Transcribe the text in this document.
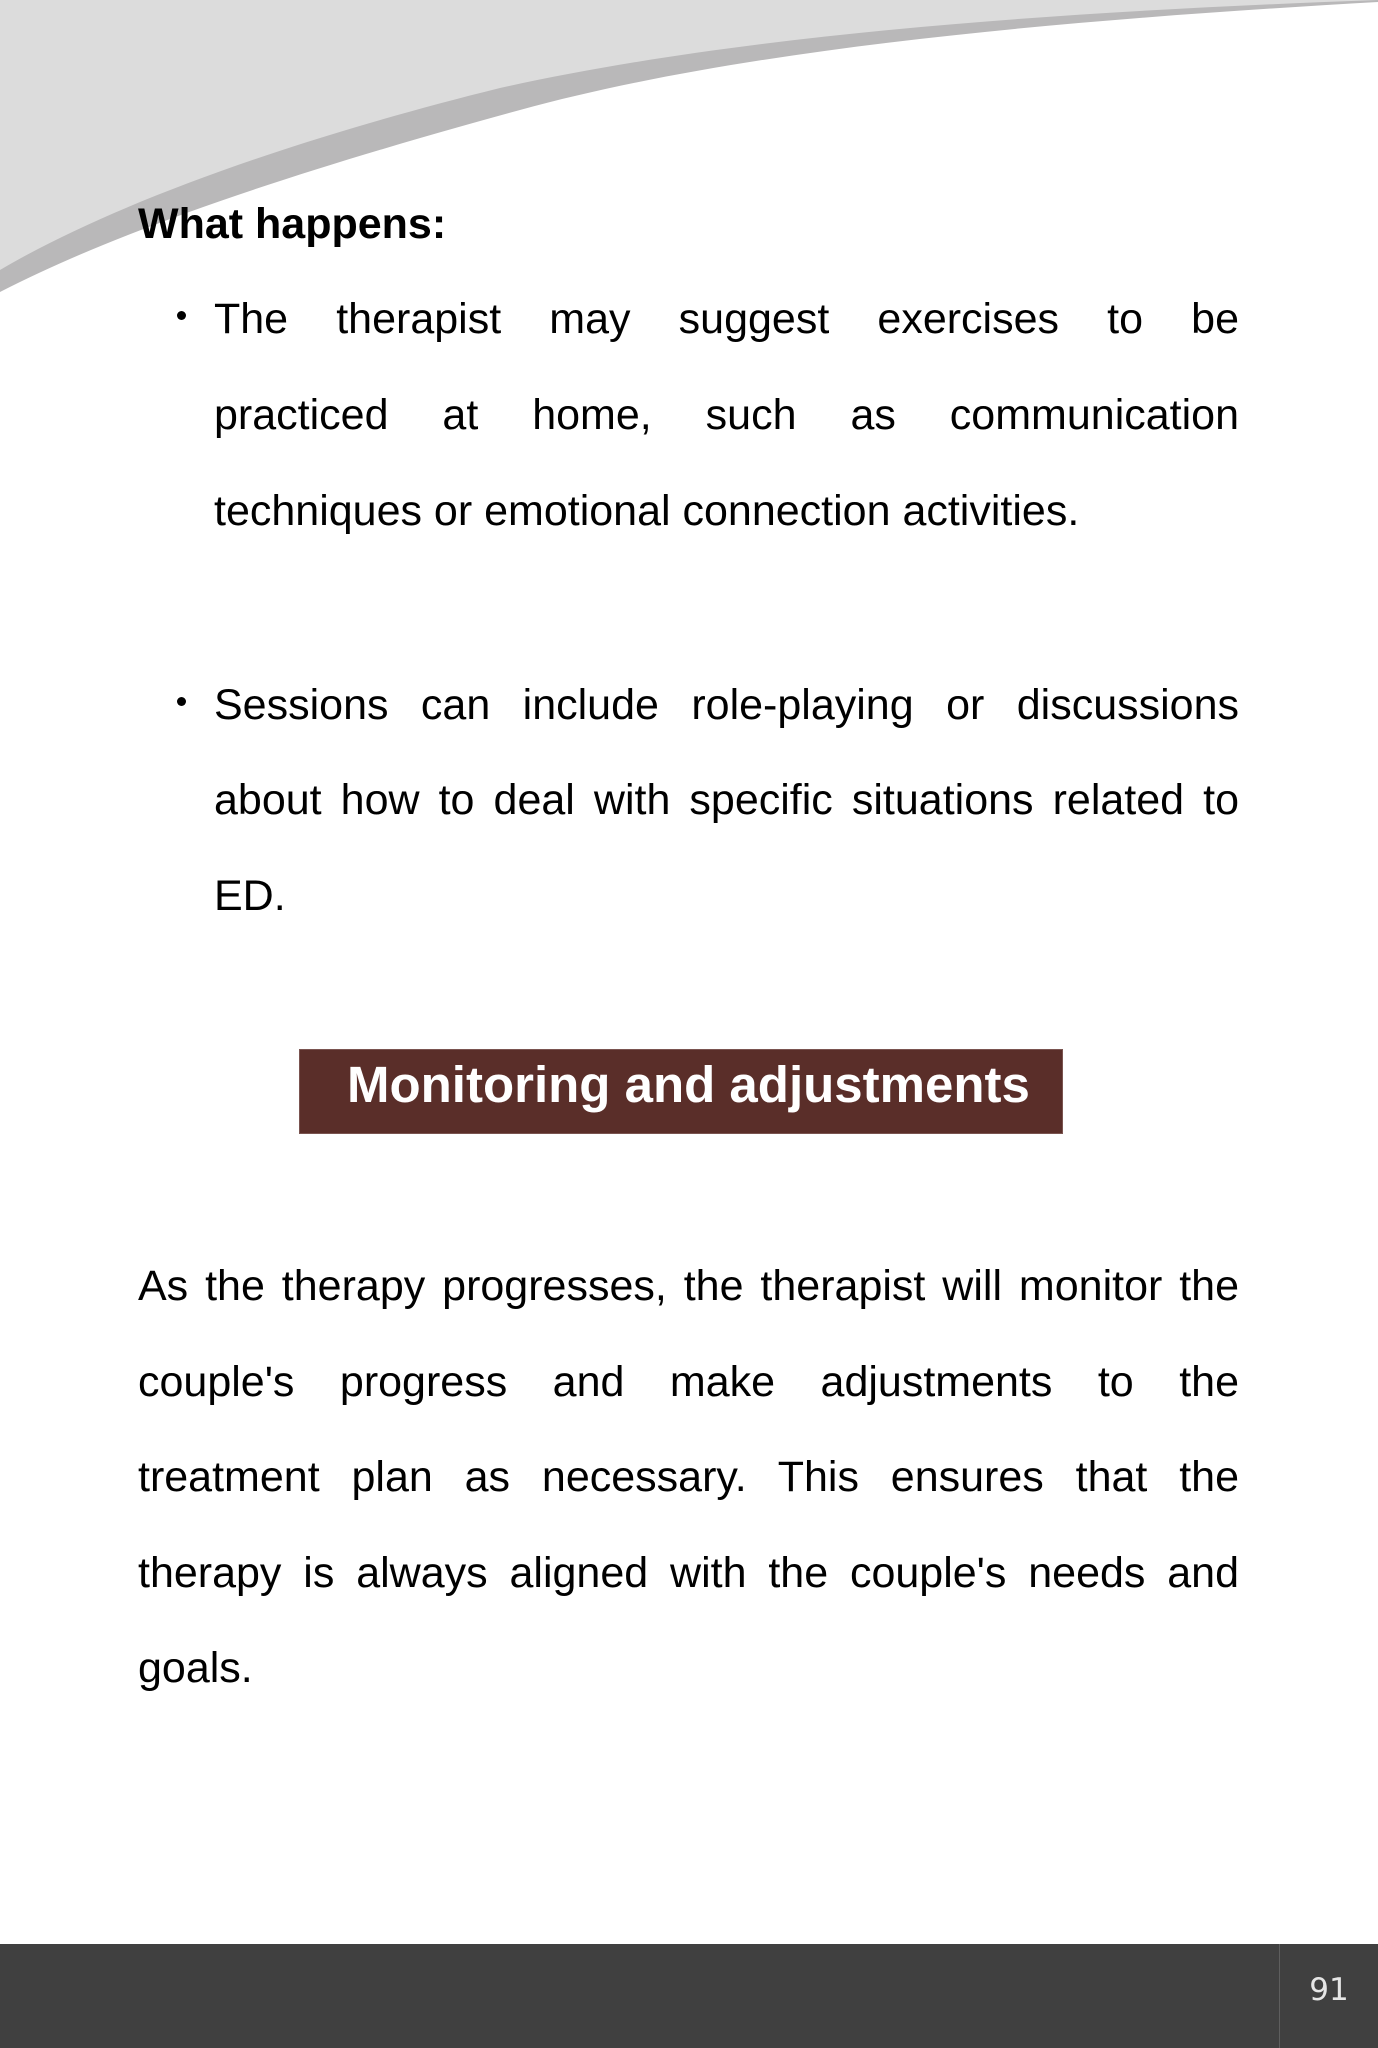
What happens:
The therapist may suggest exercises to be
practiced at home, such as communication
techniques or emotional connection activities.
Sessions can include role-playing or discussions
about how to deal with specific situations related to
ED.
Monitoring and adjustments
As the therapy progresses, the therapist will monitor the
couple's progress and make adjustments to the
treatment plan as necessary. This ensures that the
therapy is always aligned with the couple's needs and
goals.
91
